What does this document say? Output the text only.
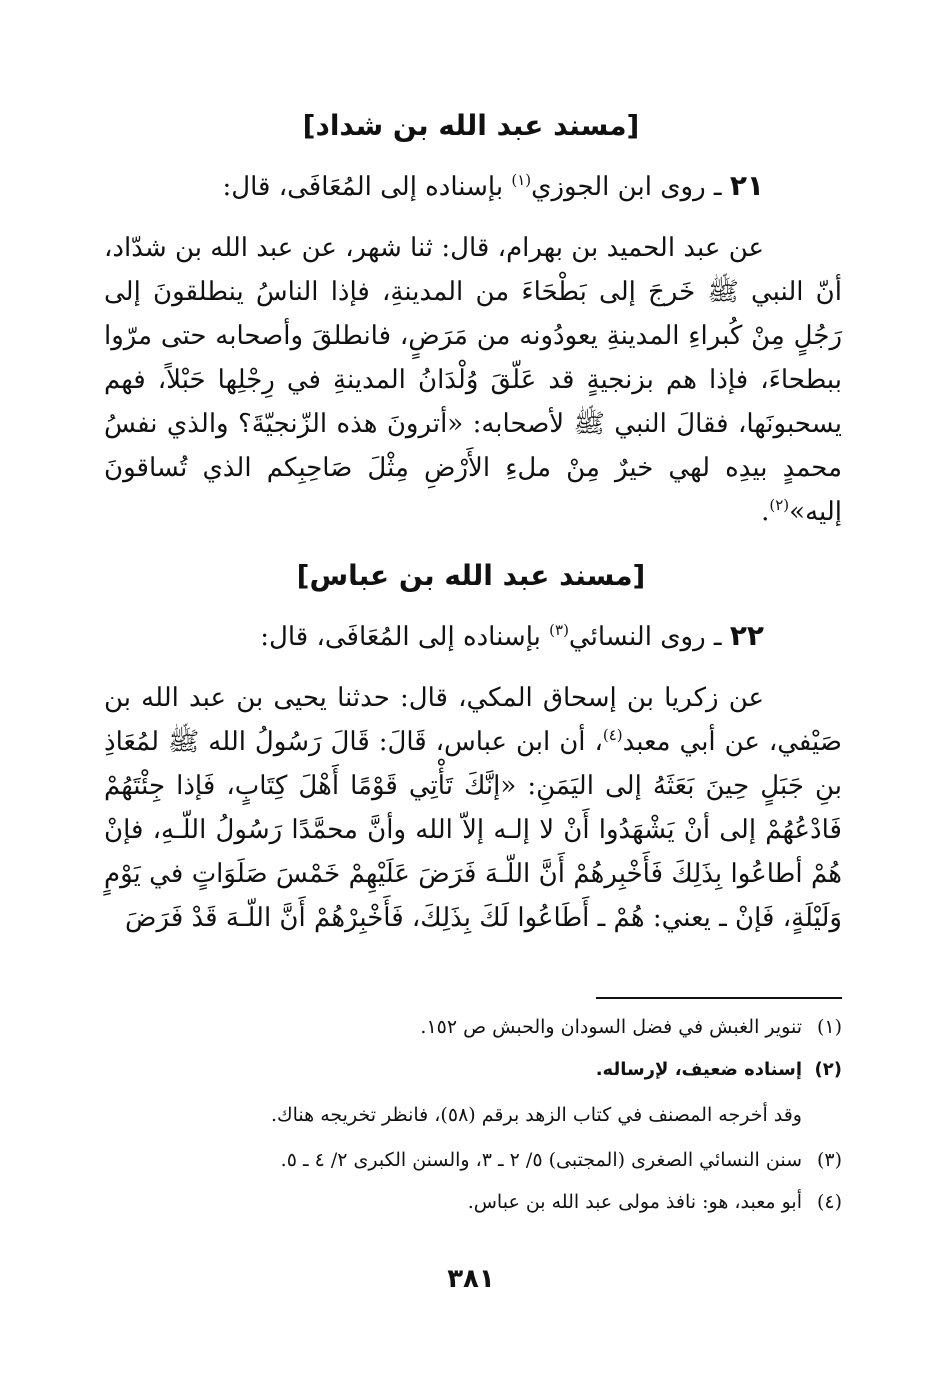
[مسند عبد الله بن شداد]
٢١ ـ روى ابن الجوزي$^{(١)}$ بإسناده إلى المُعَافَى، قال:

عن عبد الحميد بن بهرام، قال: ثنا شهر، عن عبد الله بن شدّاد، أنّ النبي ﷺ خَرجَ إلى بَطْحَاءَ من المدينةِ، فإذا الناسُ ينطلقونَ إلى رَجُلٍ مِنْ كُبراءِ المدينةِ يعودُونه من مَرَضٍ، فانطلقَ وأصحابه حتى مرّوا ببطحاءَ، فإذا هم بزنجيةٍ قد عَلّقَ وُلْدَانُ المدينةِ في رِجْلِها حَبْلاً، فهم يسحبونَها، فقالَ النبي ﷺ لأصحابه: «أترونَ هذه الزّنجيّةَ؟ والذي نفسُ محمدٍ بيدِه لهي خيرٌ مِنْ ملءِ الأَرْضِ مِثْلَ صَاحِبِكم الذي تُساقونَ إليه»$^{(٢)}$.

[مسند عبد الله بن عباس]
٢٢ ـ روى النسائي$^{(٣)}$ بإسناده إلى المُعَافَى، قال:

عن زكريا بن إسحاق المكي، قال: حدثنا يحيى بن عبد الله بن صَيْفي، عن أبي معبد$^{(٤)}$، أن ابن عباس، قَالَ: قَالَ رَسُولُ الله ﷺ لمُعَاذِ بنِ جَبَلٍ حِينَ بَعَثَهُ إلى اليَمَنِ: «إنَّكَ تَأْتِي قَوْمًا أَهْلَ كِتَابٍ، فَإذا جِئْتَهُمْ فَادْعُهُمْ إلى أنْ يَشْهَدُوا أَنْ لا إلـه إلاّ الله وأنَّ محمَّدًا رَسُولُ اللّـهِ، فإنْ هُمْ أطاعُوا بِذَلِكَ فَأَخْبِرهُمْ أَنَّ اللّـهَ فَرَضَ عَلَيْهِمْ خَمْسَ صَلَوَاتٍ في يَوْمٍ وَلَيْلَةٍ، فَإنْ ـ يعني: هُمْ ـ أَطَاعُوا لَكَ بِذَلِكَ، فَأَخْبِرْهُمْ أَنَّ اللّـهَ قَدْ فَرَضَ

(١)تنوير الغبش في فضل السودان والحبش ص ١٥٢.
(٢)إسناده ضعيف، لإرساله.
وقد أخرجه المصنف في كتاب الزهد برقم (٥٨)، فانظر تخريجه هناك.
(٣)سنن النسائي الصغرى (المجتبى) ٥/ ٢ ـ ٣، والسنن الكبرى ٢/ ٤ ـ ٥.
(٤)أبو معبد، هو: نافذ مولى عبد الله بن عباس.
٣٨١
